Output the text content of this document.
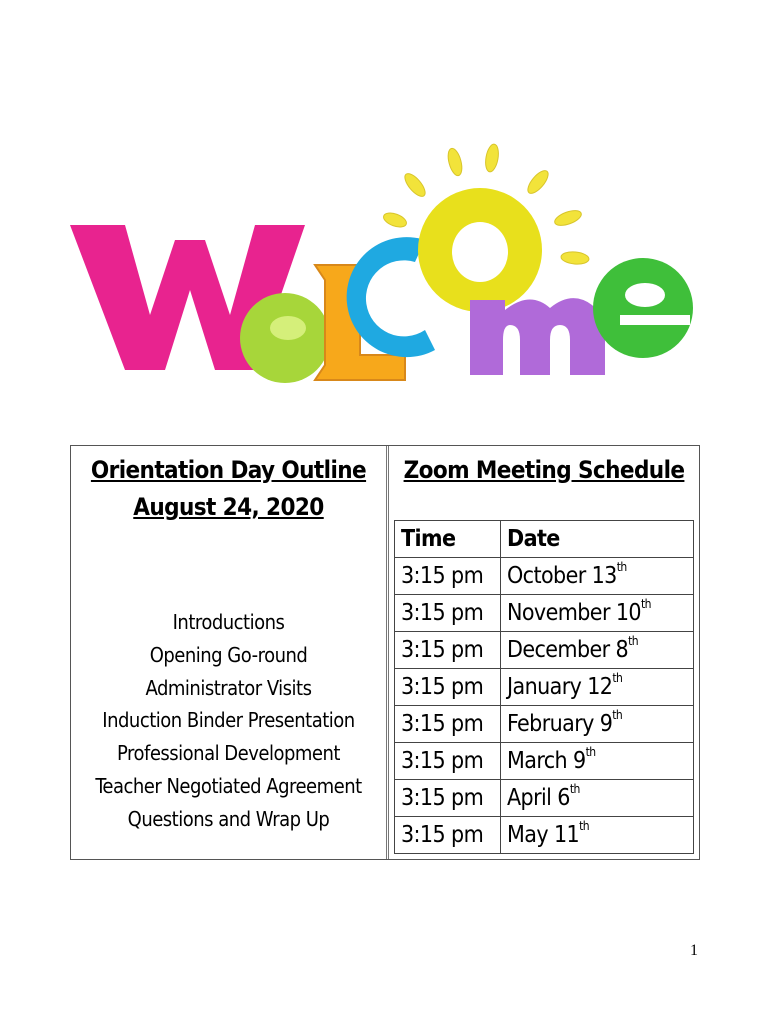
Orientation Day Outline
August 24, 2020
Introductions
Opening Go-round
Administrator Visits
Induction Binder Presentation
Professional Development
Teacher Negotiated Agreement
Questions and Wrap Up
Zoom Meeting Schedule
Time	Date
3:15 pm	October 13th
3:15 pm	November 10th
3:15 pm	December 8th
3:15 pm	January 12th
3:15 pm	February 9th
3:15 pm	March 9th
3:15 pm	April 6th
3:15 pm	May 11th
1
